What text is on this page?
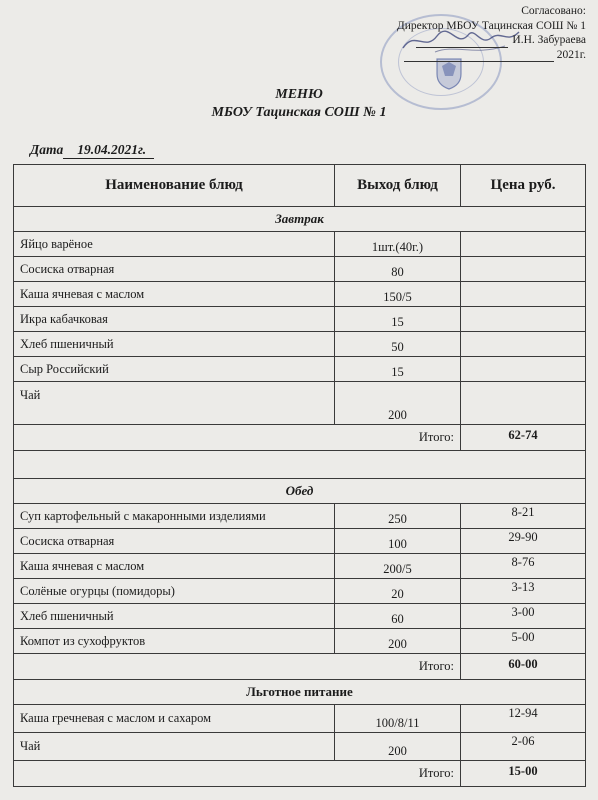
Согласовано:
Директор МБОУ Тацинская СОШ № 1
И.Н. Забураева
2021г.
МЕНЮ
МБОУ Тацинская СОШ № 1
Дата 19.04.2021г.
Наименование блюд	Выход блюд	Цена руб.
Завтрак		
Яйцо варёное	1шт.(40г.)	
Сосиска отварная	80	
Каша ячневая с маслом	150/5	
Икра кабачковая	15	
Хлеб пшеничный	50	
Сыр Российский	15	
Чай	200	
Итого:		62-74

Обед		
Суп картофельный с макаронными изделиями	250	8-21
Сосиска отварная	100	29-90
Каша ячневая с маслом	200/5	8-76
Солёные огурцы (помидоры)	20	3-13
Хлеб пшеничный	60	3-00
Компот из сухофруктов	200	5-00
Итого:		60-00
Льготное питание		
Каша гречневая с маслом и сахаром	100/8/11	12-94
Чай	200	2-06
Итого:		15-00
